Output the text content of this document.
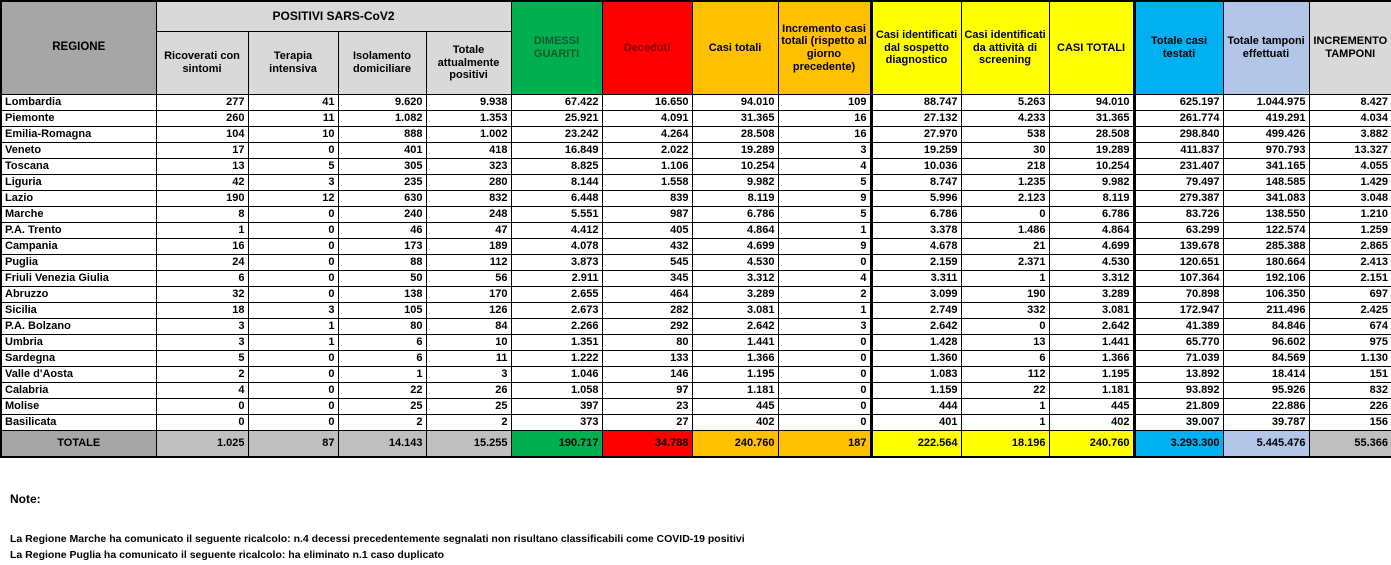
REGIONE	POSITIVI SARS-CoV2				DIMESSI GUARITI	Deceduti	Casi totali	Incremento casi totali (rispetto al giorno precedente)	Casi identificati dal sospetto diagnostico	Casi identificati da attività di screening	CASI TOTALI	Totale casi testati	Totale tamponi effettuati	INCREMENTO TAMPONI
	Ricoverati con sintomi	Terapia intensiva	Isolamento domiciliare	Totale attualmente positivi										
Lombardia	277	41	9.620	9.938	67.422	16.650	94.010	109	88.747	5.263	94.010	625.197	1.044.975	8.427
Piemonte	260	11	1.082	1.353	25.921	4.091	31.365	16	27.132	4.233	31.365	261.774	419.291	4.034
Emilia-Romagna	104	10	888	1.002	23.242	4.264	28.508	16	27.970	538	28.508	298.840	499.426	3.882
Veneto	17	0	401	418	16.849	2.022	19.289	3	19.259	30	19.289	411.837	970.793	13.327
Toscana	13	5	305	323	8.825	1.106	10.254	4	10.036	218	10.254	231.407	341.165	4.055
Liguria	42	3	235	280	8.144	1.558	9.982	5	8.747	1.235	9.982	79.497	148.585	1.429
Lazio	190	12	630	832	6.448	839	8.119	9	5.996	2.123	8.119	279.387	341.083	3.048
Marche	8	0	240	248	5.551	987	6.786	5	6.786	0	6.786	83.726	138.550	1.210
P.A. Trento	1	0	46	47	4.412	405	4.864	1	3.378	1.486	4.864	63.299	122.574	1.259
Campania	16	0	173	189	4.078	432	4.699	9	4.678	21	4.699	139.678	285.388	2.865
Puglia	24	0	88	112	3.873	545	4.530	0	2.159	2.371	4.530	120.651	180.664	2.413
Friuli Venezia Giulia	6	0	50	56	2.911	345	3.312	4	3.311	1	3.312	107.364	192.106	2.151
Abruzzo	32	0	138	170	2.655	464	3.289	2	3.099	190	3.289	70.898	106.350	697
Sicilia	18	3	105	126	2.673	282	3.081	1	2.749	332	3.081	172.947	211.496	2.425
P.A. Bolzano	3	1	80	84	2.266	292	2.642	3	2.642	0	2.642	41.389	84.846	674
Umbria	3	1	6	10	1.351	80	1.441	0	1.428	13	1.441	65.770	96.602	975
Sardegna	5	0	6	11	1.222	133	1.366	0	1.360	6	1.366	71.039	84.569	1.130
Valle d'Aosta	2	0	1	3	1.046	146	1.195	0	1.083	112	1.195	13.892	18.414	151
Calabria	4	0	22	26	1.058	97	1.181	0	1.159	22	1.181	93.892	95.926	832
Molise	0	0	25	25	397	23	445	0	444	1	445	21.809	22.886	226
Basilicata	0	0	2	2	373	27	402	0	401	1	402	39.007	39.787	156
TOTALE	1.025	87	14.143	15.255	190.717	34.788	240.760	187	222.564	18.196	240.760	3.293.300	5.445.476	55.366

Note:

La Regione Marche ha comunicato il seguente ricalcolo: n.4 decessi precedentemente segnalati non risultano classificabili come COVID-19 positivi

La Regione Puglia ha comunicato il seguente ricalcolo: ha eliminato n.1 caso duplicato
